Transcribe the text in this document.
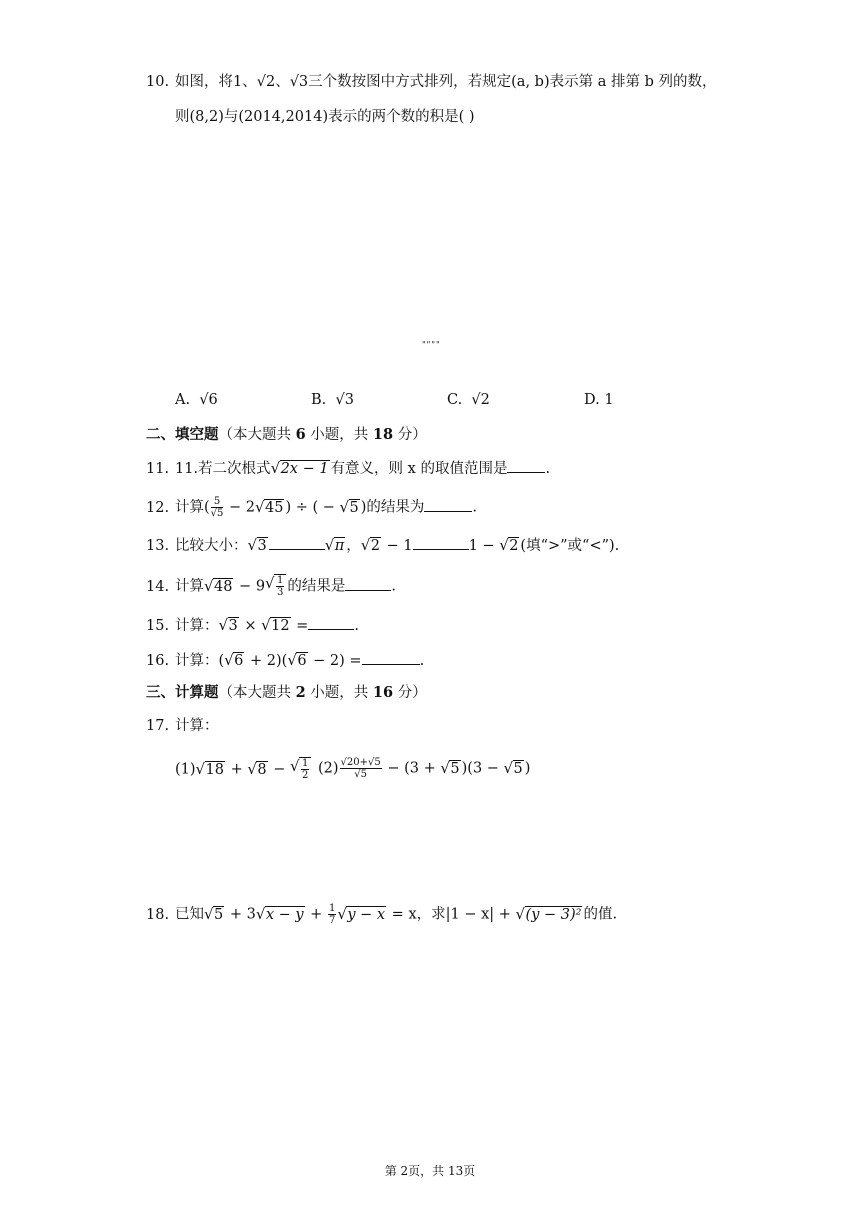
10. 如图，将1、√2、√3三个数按图中方式排列，若规定(a, b)表示第 a 排第 b 列的数，
则(8,2)与(2014,2014)表示的两个数的积是( )
""""
A. √6	B. √3	C. √2	D. 1
二、填空题（本大题共 6 小题，共 18 分）
11. 11.若二次根式√ 2x − 1 有意义，则 x 的取值范围是	.
12. 计算( $\frac{5}{√5} - 2√$ 45 ) ÷ ( − √ 5 )的结果为	.
13. 比较大小：√ 3√	π ，√ 2 − 1	1 − √ 2 (填“>”或“<”).
14. 计算√ 48 − 9
√ $\frac{1}{3}$ 的结果是	.
15. 计算：√ 3 × √ 12 =	.
16. 计算：(√ 6 + 2)(√ 6 − 2) =	.
三、计算题（本大题共 2 小题，共 16 分）
17. 计算：
(1)√ 18 + √ 8 −
√ $\frac{1}{2} (2) \frac{√20+√5}{√5} - (3$ + √ 5 )(3 − √ 5 )
18. 已知√ 5 + 3√ $x - y + \frac{1}{7}$
√ y − x = x，求|1 − x| + √ (y − 3)² 的值.
第 2页，共 13页
